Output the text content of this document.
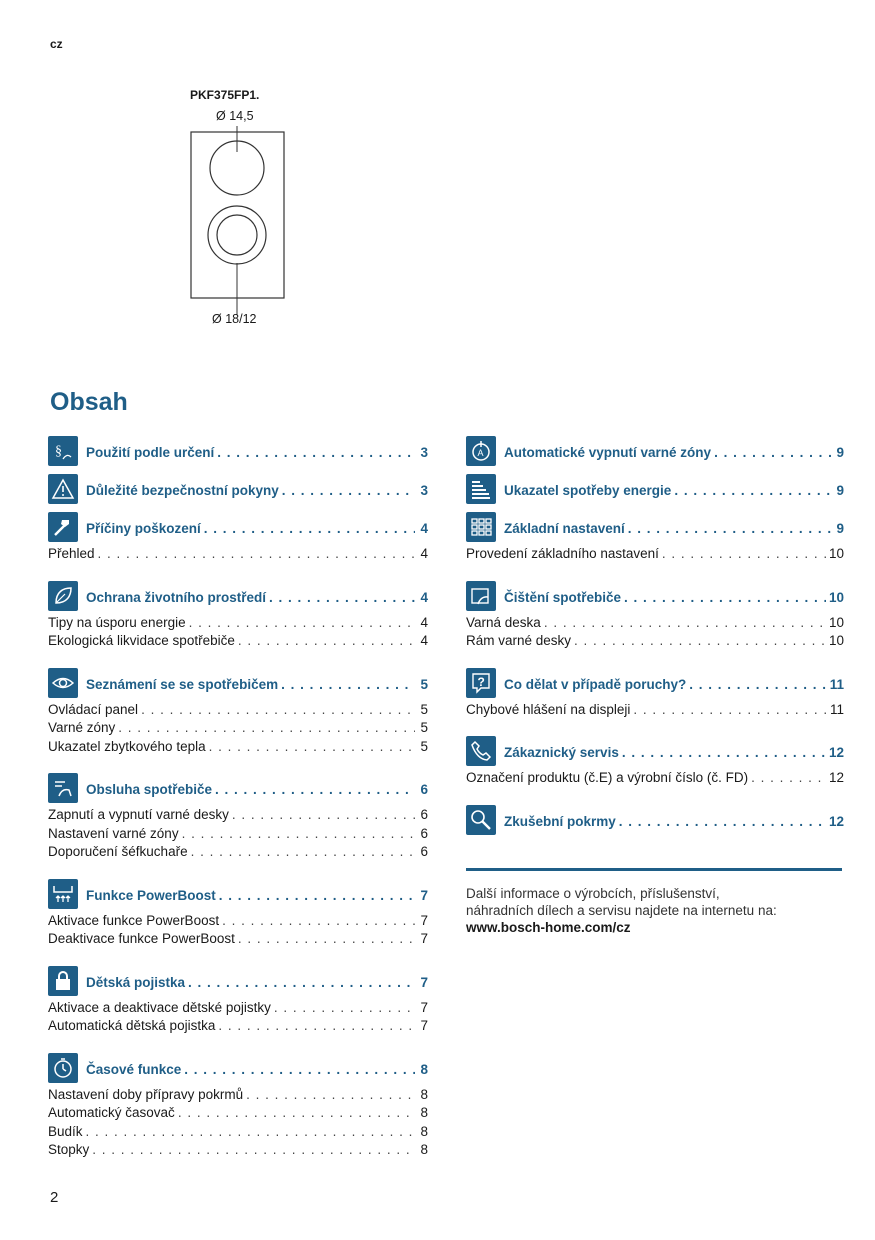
cz
PKF375FP1.
Ø 14,5
Ø 18/12
Obsah
§ Použití podle určení . . .	3
Důležité bezpečnostní pokyny . . .	3
Příčiny poškození . . .	4
Přehled . . .	4
Ochrana životního prostředí . . .	4
Tipy na úsporu energie . . .	4
Ekologická likvidace spotřebiče . . .	4
Seznámení se se spotřebičem . . .	5
Ovládací panel . . .	5
Varné zóny . . .	5
Ukazatel zbytkového tepla . . .	5
Obsluha spotřebiče . . .	6
Zapnutí a vypnutí varné desky . . .	6
Nastavení varné zóny . . .	6
Doporučení šéfkuchaře . . .	6
Funkce PowerBoost . . .	7
Aktivace funkce PowerBoost . . .	7
Deaktivace funkce PowerBoost . . .	7
Dětská pojistka . . .	7
Aktivace a deaktivace dětské pojistky . . .	7
Automatická dětská pojistka . . .	7
Časové funkce . . .	8
Nastavení doby přípravy pokrmů . . .	8
Automatický časovač . . .	8
Budík . . .	8
Stopky . . .	8
A Automatické vypnutí varné zóny . . .	9
Ukazatel spotřeby energie . . .	9
Základní nastavení . . .	9
Provedení základního nastavení . . .	10
Čištění spotřebiče . . .	10
Varná deska . . .	10
Rám varné desky . . .	10
? Co dělat v případě poruchy? . . .	11
Chybové hlášení na displeji . . .	11
Zákaznický servis . . .	12
Označení produktu (č.E) a výrobní číslo (č. FD) . . .	12
Zkušební pokrmy . . .	12
Další informace o výrobcích, příslušenství,
náhradních dílech a servisu najdete na internetu na:
www.bosch-home.com/cz
2
